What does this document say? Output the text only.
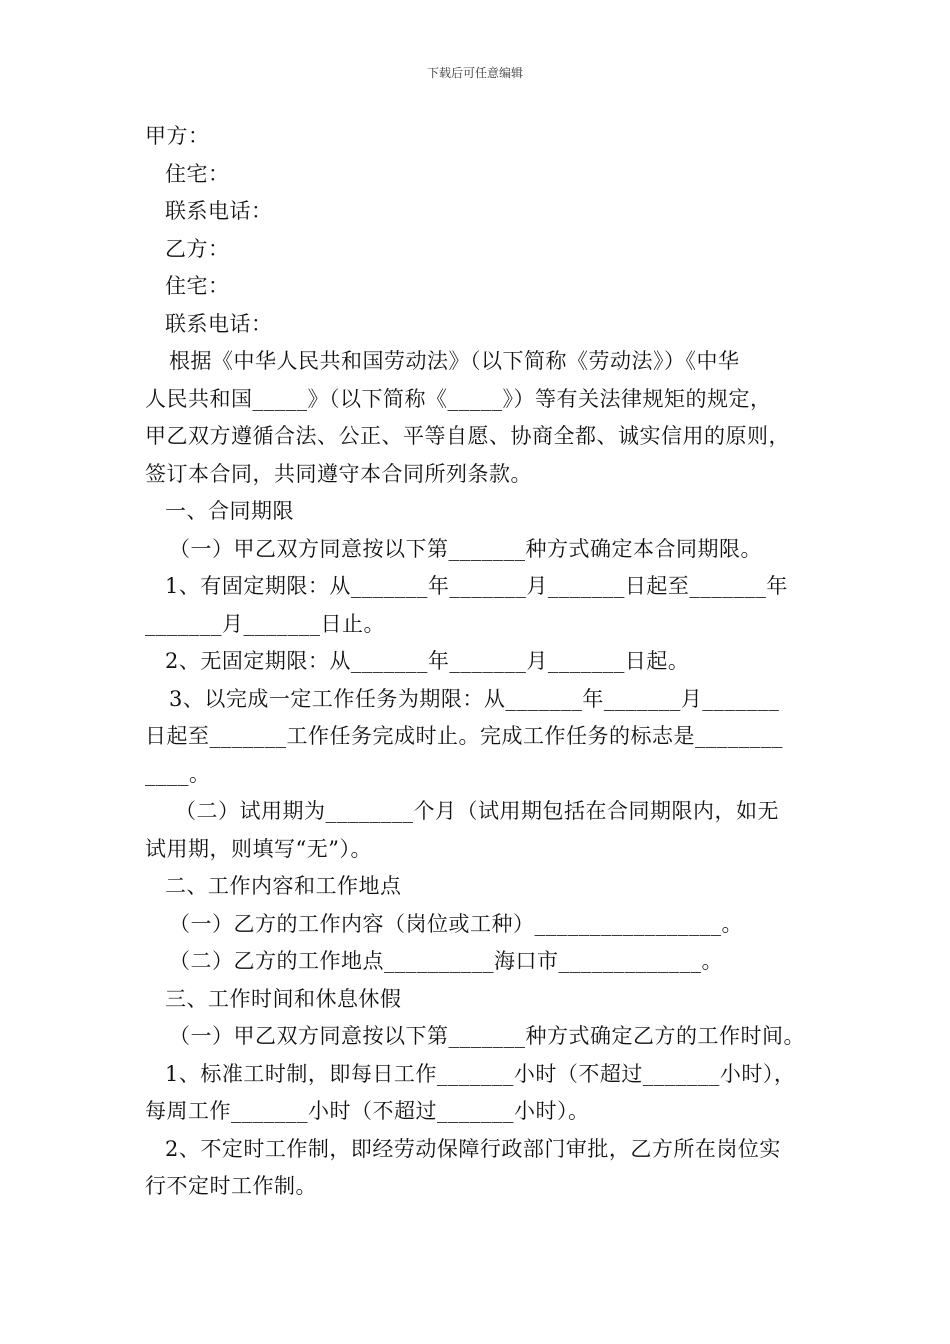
下载后可任意编辑
甲方：
住宅：
联系电话：
乙方：
住宅：
联系电话：
根据《中华人民共和国劳动法》（以下简称《劳动法》）《中华
人民共和国_____》（以下简称《_____》）等有关法律规矩的规定，
甲乙双方遵循合法、公正、平等自愿、协商全都、诚实信用的原则，
签订本合同，共同遵守本合同所列条款。
一、合同期限
（一）甲乙双方同意按以下第_______种方式确定本合同期限。
1、有固定期限：从_______年_______月_______日起至_______年
_______月_______日止。
2、无固定期限：从_______年_______月_______日起。
3、以完成一定工作任务为期限：从_______年_______月_______
日起至_______工作任务完成时止。完成工作任务的标志是________
____。
（二）试用期为________个月（试用期包括在合同期限内，如无
试用期，则填写“无”）。
二、工作内容和工作地点
（一）乙方的工作内容（岗位或工种）_________________。
（二）乙方的工作地点__________海口市_____________。
三、工作时间和休息休假
（一）甲乙双方同意按以下第_______种方式确定乙方的工作时间。
1、标准工时制，即每日工作_______小时（不超过_______小时），
每周工作_______小时（不超过_______小时）。
2、不定时工作制，即经劳动保障行政部门审批，乙方所在岗位实
行不定时工作制。
